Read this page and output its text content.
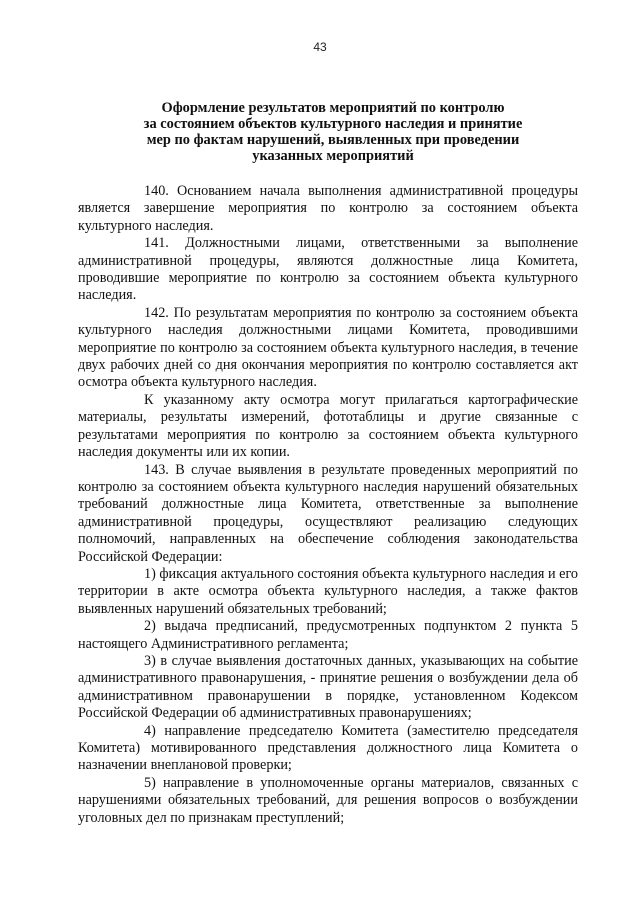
43
Оформление результатов мероприятий по контролю
за состоянием объектов культурного наследия и принятие
мер по фактам нарушений, выявленных при проведении
указанных мероприятий

140. Основанием начала выполнения административной процедуры является завершение мероприятия по контролю за состоянием объекта культурного наследия.

141. Должностными лицами, ответственными за выполнение административной процедуры, являются должностные лица Комитета, проводившие мероприятие по контролю за состоянием объекта культурного наследия.

142. По результатам мероприятия по контролю за состоянием объекта культурного наследия должностными лицами Комитета, проводившими мероприятие по контролю за состоянием объекта культурного наследия, в течение двух рабочих дней со дня окончания мероприятия по контролю составляется акт осмотра объекта культурного наследия.

К указанному акту осмотра могут прилагаться картографические материалы, результаты измерений, фототаблицы и другие связанные с результатами мероприятия по контролю за состоянием объекта культурного наследия документы или их копии.

143. В случае выявления в результате проведенных мероприятий по контролю за состоянием объекта культурного наследия нарушений обязательных требований должностные лица Комитета, ответственные за выполнение административной процедуры, осуществляют реализацию следующих полномочий, направленных на обеспечение соблюдения законодательства Российской Федерации:

1) фиксация актуального состояния объекта культурного наследия и его территории в акте осмотра объекта культурного наследия, а также фактов выявленных нарушений обязательных требований;

2) выдача предписаний, предусмотренных подпунктом 2 пункта 5 настоящего Административного регламента;

3) в случае выявления достаточных данных, указывающих на событие административного правонарушения, - принятие решения о возбуждении дела об административном правонарушении в порядке, установленном Кодексом Российской Федерации об административных правонарушениях;

4) направление председателю Комитета (заместителю председателя Комитета) мотивированного представления должностного лица Комитета о назначении внеплановой проверки;

5) направление в уполномоченные органы материалов, связанных с нарушениями обязательных требований, для решения вопросов о возбуждении уголовных дел по признакам преступлений;
